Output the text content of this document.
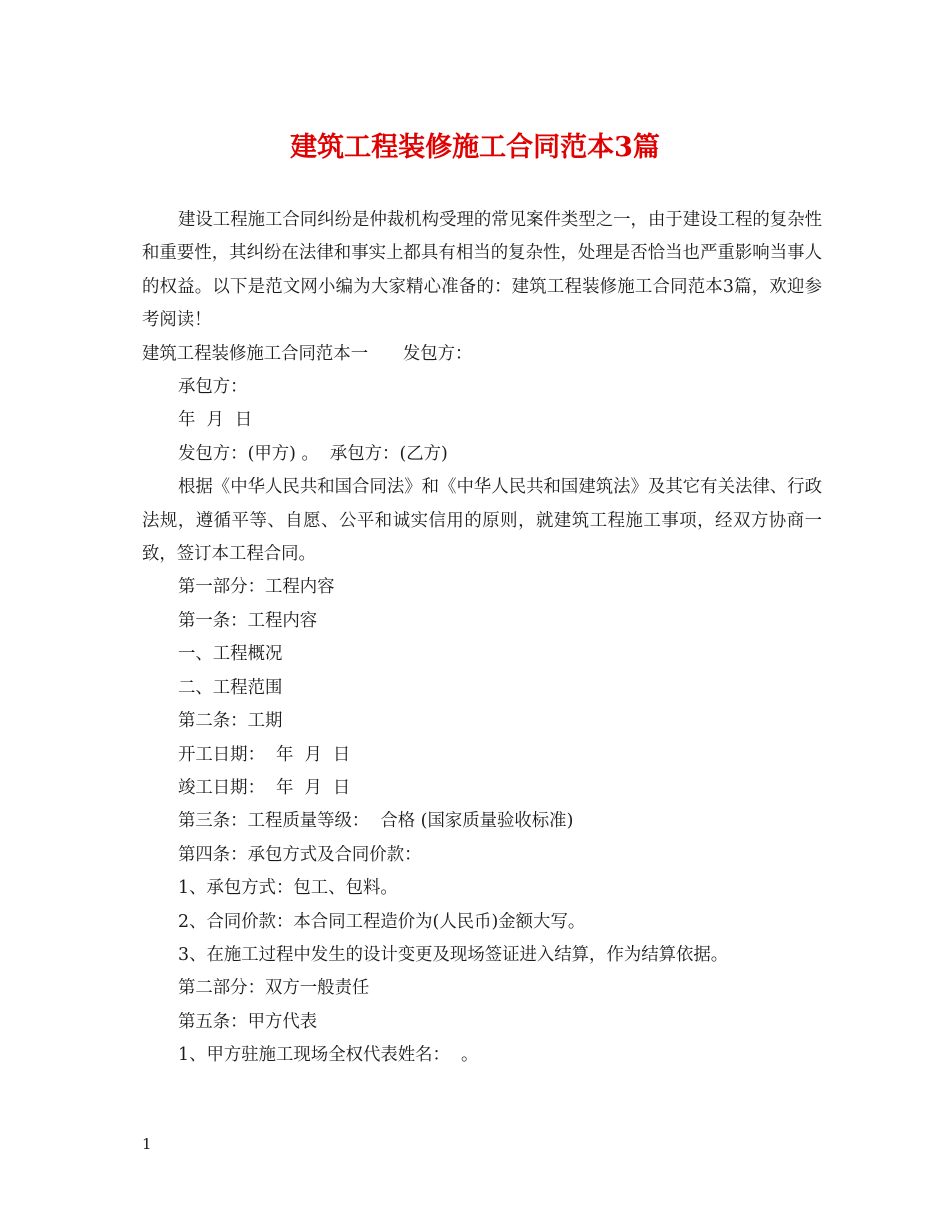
建筑工程装修施工合同范本3篇

建设工程施工合同纠纷是仲裁机构受理的常见案件类型之一，由于建设工程的复杂性和重要性，其纠纷在法律和事实上都具有相当的复杂性，处理是否恰当也严重影响当事人的权益。以下是范文网小编为大家精心准备的：建筑工程装修施工合同范本3篇，欢迎参考阅读！

建筑工程装修施工合同范本一　　发包方：

承包方：

年  月  日

发包方：(甲方) 。  承包方：(乙方)

根据《中华人民共和国合同法》和《中华人民共和国建筑法》及其它有关法律、行政法规，遵循平等、自愿、公平和诚实信用的原则，就建筑工程施工事项，经双方协商一致，签订本工程合同。

第一部分：工程内容

第一条：工程内容

一、工程概况

二、工程范围

第二条：工期

开工日期：  年  月  日

竣工日期：  年  月  日

第三条：工程质量等级：  合格 (国家质量验收标准)

第四条：承包方式及合同价款：

1、承包方式：包工、包料。

2、合同价款：本合同工程造价为(人民币)金额大写。

3、在施工过程中发生的设计变更及现场签证进入结算，作为结算依据。

第二部分：双方一般责任

第五条：甲方代表

1、甲方驻施工现场全权代表姓名：  。

1
